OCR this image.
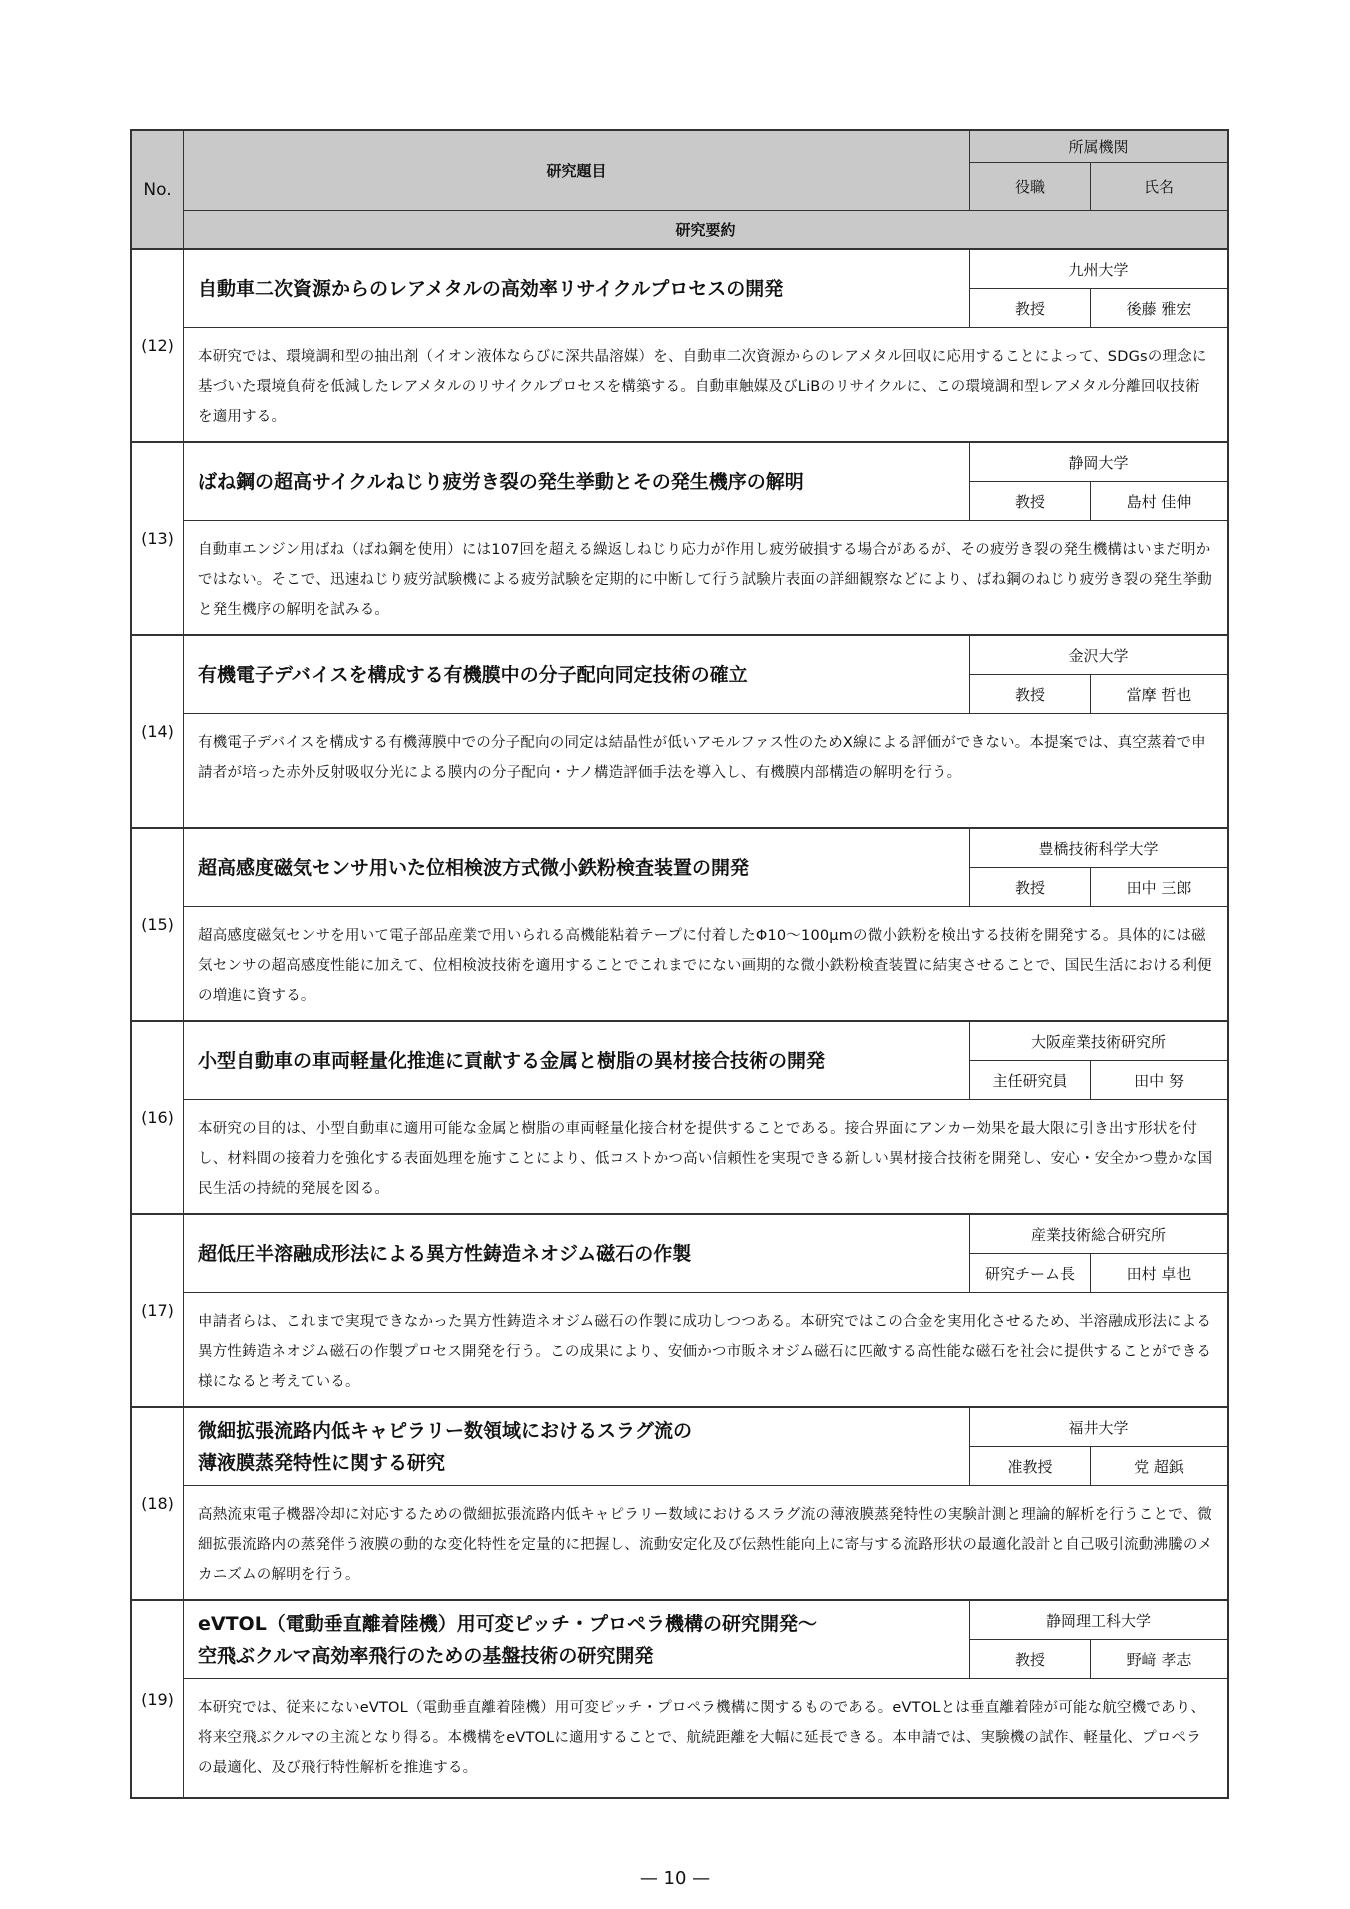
No.
研究題目
所属機関
役職	氏名
研究要約
(12)
自動車二次資源からのレアメタルの高効率リサイクルプロセスの開発
九州大学
教授	後藤 雅宏
本研究では、環境調和型の抽出剤（イオン液体ならびに深共晶溶媒）を、自動車二次資源からのレアメタル回収に応用することによって、SDGsの理念に基づいた環境負荷を低減したレアメタルのリサイクルプロセスを構築する。自動車触媒及びLiBのリサイクルに、この環境調和型レアメタル分離回収技術を適用する。
(13)
ばね鋼の超高サイクルねじり疲労き裂の発生挙動とその発生機序の解明
静岡大学
教授	島村 佳伸
自動車エンジン用ばね（ばね鋼を使用）には107回を超える繰返しねじり応力が作用し疲労破損する場合があるが、その疲労き裂の発生機構はいまだ明かではない。そこで、迅速ねじり疲労試験機による疲労試験を定期的に中断して行う試験片表面の詳細観察などにより、ばね鋼のねじり疲労き裂の発生挙動と発生機序の解明を試みる。
(14)
有機電子デバイスを構成する有機膜中の分子配向同定技術の確立
金沢大学
教授	當摩 哲也
有機電子デバイスを構成する有機薄膜中での分子配向の同定は結晶性が低いアモルファス性のためX線による評価ができない。本提案では、真空蒸着で申請者が培った赤外反射吸収分光による膜内の分子配向・ナノ構造評価手法を導入し、有機膜内部構造の解明を行う。
(15)
超高感度磁気センサ用いた位相検波方式微小鉄粉検査装置の開発
豊橋技術科学大学
教授	田中 三郎
超高感度磁気センサを用いて電子部品産業で用いられる高機能粘着テープに付着したΦ10～100μmの微小鉄粉を検出する技術を開発する。具体的には磁気センサの超高感度性能に加えて、位相検波技術を適用することでこれまでにない画期的な微小鉄粉検査装置に結実させることで、国民生活における利便の増進に資する。
(16)
小型自動車の車両軽量化推進に貢献する金属と樹脂の異材接合技術の開発
大阪産業技術研究所
主任研究員	田中 努
本研究の目的は、小型自動車に適用可能な金属と樹脂の車両軽量化接合材を提供することである。接合界面にアンカー効果を最大限に引き出す形状を付し、材料間の接着力を強化する表面処理を施すことにより、低コストかつ高い信頼性を実現できる新しい異材接合技術を開発し、安心・安全かつ豊かな国民生活の持続的発展を図る。
(17)
超低圧半溶融成形法による異方性鋳造ネオジム磁石の作製
産業技術総合研究所
研究チーム長	田村 卓也
申請者らは、これまで実現できなかった異方性鋳造ネオジム磁石の作製に成功しつつある。本研究ではこの合金を実用化させるため、半溶融成形法による異方性鋳造ネオジム磁石の作製プロセス開発を行う。この成果により、安価かつ市販ネオジム磁石に匹敵する高性能な磁石を社会に提供することができる様になると考えている。
(18)
微細拡張流路内低キャピラリー数領域におけるスラグ流の
薄液膜蒸発特性に関する研究
福井大学
准教授	党 超鋲
高熱流束電子機器冷却に対応するための微細拡張流路内低キャピラリー数域におけるスラグ流の薄液膜蒸発特性の実験計測と理論的解析を行うことで、微細拡張流路内の蒸発伴う液膜の動的な変化特性を定量的に把握し、流動安定化及び伝熱性能向上に寄与する流路形状の最適化設計と自己吸引流動沸騰のメカニズムの解明を行う。
(19)
eVTOL（電動垂直離着陸機）用可変ピッチ・プロペラ機構の研究開発～
空飛ぶクルマ高効率飛行のための基盤技術の研究開発
静岡理工科大学
教授	野﨑 孝志
本研究では、従来にないeVTOL（電動垂直離着陸機）用可変ピッチ・プロペラ機構に関するものである。eVTOLとは垂直離着陸が可能な航空機であり、将来空飛ぶクルマの主流となり得る。本機構をeVTOLに適用することで、航続距離を大幅に延長できる。本申請では、実験機の試作、軽量化、プロペラの最適化、及び飛行特性解析を推進する。
— 10 —
